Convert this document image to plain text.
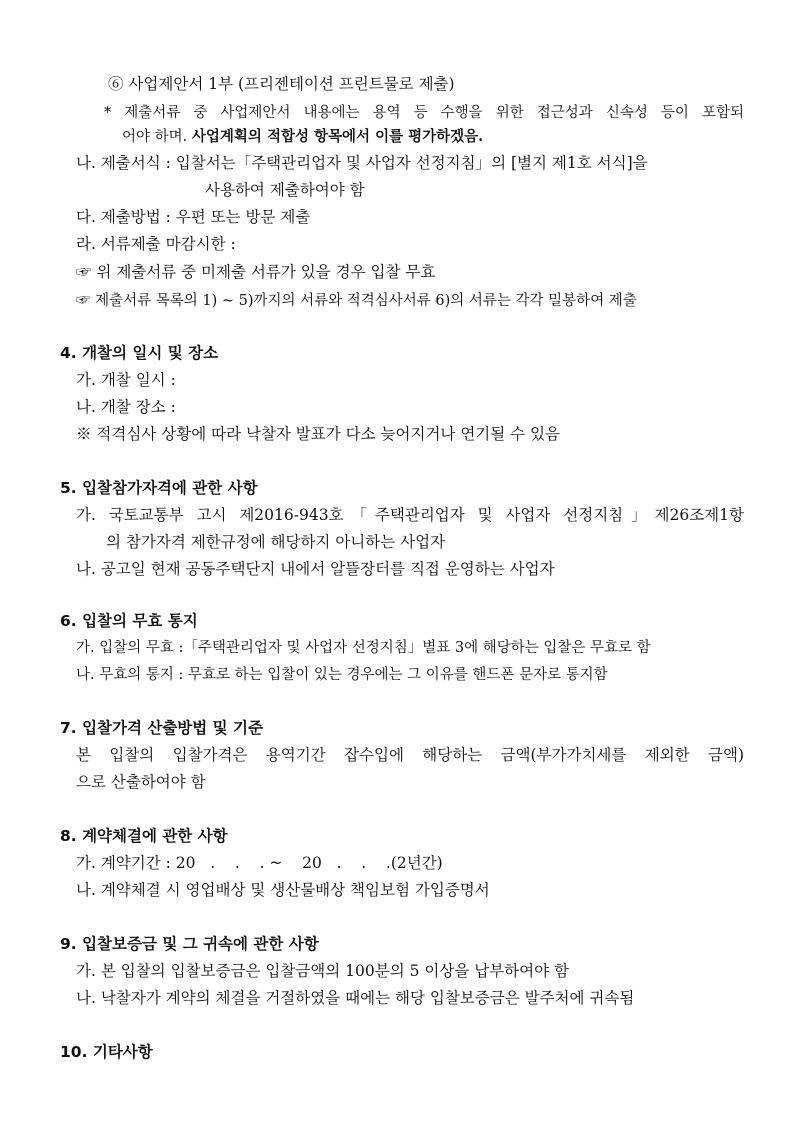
⑥ 사업제안서 1부 (프리젠테이션 프린트물로 제출)
* 제출서류 중 사업제안서 내용에는 용역 등 수행을 위한 접근성과 신속성 등이 포함되
어야 하며. 사업계획의 적합성 항목에서 이를 평가하겠음.
나. 제출서식 : 입찰서는「주택관리업자 및 사업자 선정지침」의 [별지 제1호 서식]을
사용하여 제출하여야 함
다. 제출방법 : 우편 또는 방문 제출
라. 서류제출 마감시한 :
☞ 위 제출서류 중 미제출 서류가 있을 경우 입찰 무효
☞ 제출서류 목록의 1) ~ 5)까지의 서류와 적격심사서류 6)의 서류는 각각 밀봉하여 제출
4. 개찰의 일시 및 장소
가. 개찰 일시 :
나. 개찰 장소 :
※ 적격심사 상황에 따라 낙찰자 발표가 다소 늦어지거나 연기될 수 있음
5. 입찰참가자격에 관한 사항
가. 국토교통부 고시 제2016-943호「주택관리업자 및 사업자 선정지침」제26조제1항
의 참가자격 제한규정에 해당하지 아니하는 사업자
나. 공고일 현재 공동주택단지 내에서 알뜰장터를 직접 운영하는 사업자
6. 입찰의 무효 통지
가. 입찰의 무효 :「주택관리업자 및 사업자 선정지침」별표 3에 해당하는 입찰은 무효로 함
나. 무효의 통지 : 무효로 하는 입찰이 있는 경우에는 그 이유를 핸드폰 문자로 통지함
7. 입찰가격 산출방법 및 기준
본 입찰의 입찰가격은 용역기간 잡수입에 해당하는 금액(부가가치세를 제외한 금액)
으로 산출하여야 함
8. 계약체결에 관한 사항
가. 계약기간 : 20   .    .    . ~    20   .    .    .(2년간)
나. 계약체결 시 영업배상 및 생산물배상 책임보험 가입증명서
9. 입찰보증금 및 그 귀속에 관한 사항
가. 본 입찰의 입찰보증금은 입찰금액의 100분의 5 이상을 납부하여야 함
나. 낙찰자가 계약의 체결을 거절하였을 때에는 해당 입찰보증금은 발주처에 귀속됨
10. 기타사항
